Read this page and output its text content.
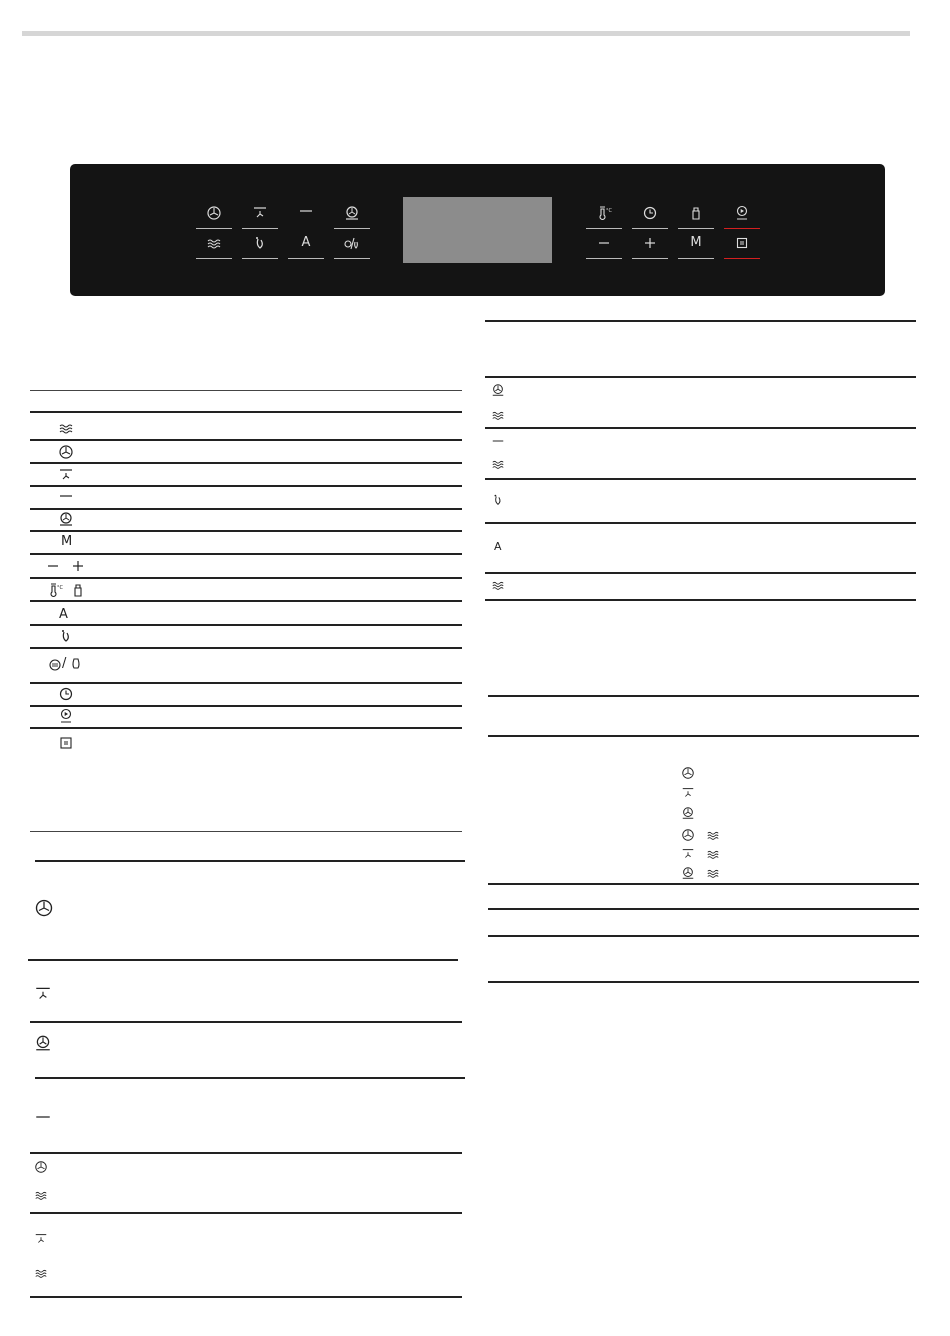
A
°C
M
M
°C
A
/
A
